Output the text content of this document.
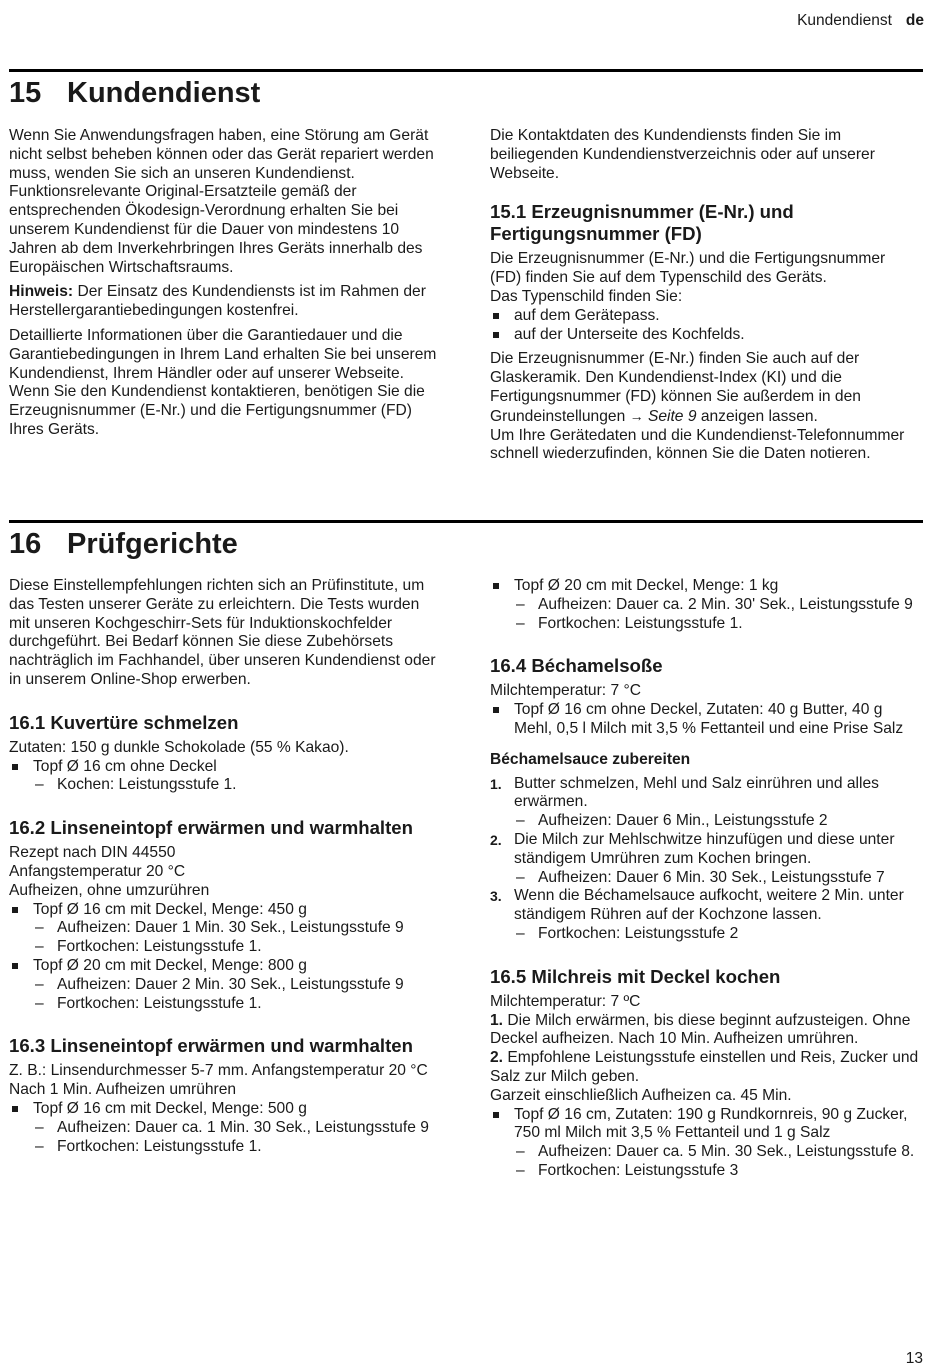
Kundendienst de
15 Kundendienst

Wenn Sie Anwendungsfragen haben, eine Störung am Gerät nicht selbst beheben können oder das Gerät repariert werden muss, wenden Sie sich an unseren Kundendienst.

Funktionsrelevante Original-Ersatzteile gemäß der entsprechenden Ökodesign-Verordnung erhalten Sie bei unserem Kundendienst für die Dauer von mindestens 10 Jahren ab dem Inverkehrbringen Ihres Geräts innerhalb des Europäischen Wirtschaftsraums.

Hinweis: Der Einsatz des Kundendiensts ist im Rahmen der Herstellergarantiebedingungen kostenfrei.

Detaillierte Informationen über die Garantiedauer und die Garantiebedingungen in Ihrem Land erhalten Sie bei unserem Kundendienst, Ihrem Händler oder auf unserer Webseite.

Wenn Sie den Kundendienst kontaktieren, benötigen Sie die Erzeugnisnummer (E-Nr.) und die Fertigungsnummer (FD) Ihres Geräts.

Die Kontaktdaten des Kundendiensts finden Sie im beiliegenden Kundendienstverzeichnis oder auf unserer Webseite.

15.1 Erzeugnisnummer (E-Nr.) und Fertigungsnummer (FD)

Die Erzeugnisnummer (E-Nr.) und die Fertigungsnummer (FD) finden Sie auf dem Typenschild des Geräts.

Das Typenschild finden Sie:

auf dem Gerätepass.
auf der Unterseite des Kochfelds.

Die Erzeugnisnummer (E-Nr.) finden Sie auch auf der Glaskeramik. Den Kundendienst-Index (KI) und die Fertigungsnummer (FD) können Sie außerdem in den Grundeinstellungen → Seite 9 anzeigen lassen.

Um Ihre Gerätedaten und die Kundendienst-Telefonnummer schnell wiederzufinden, können Sie die Daten notieren.

16 Prüfgerichte

Diese Einstellempfehlungen richten sich an Prüfinstitute, um das Testen unserer Geräte zu erleichtern. Die Tests wurden mit unseren Kochgeschirr-Sets für Induktionskochfelder durchgeführt. Bei Bedarf können Sie diese Zubehörsets nachträglich im Fachhandel, über unseren Kundendienst oder in unserem Online-Shop erwerben.

16.1 Kuvertüre schmelzen

Zutaten: 150 g dunkle Schokolade (55 % Kakao).

Topf Ø 16 cm ohne Deckel
– Kochen: Leistungsstufe 1.
16.2 Linseneintopf erwärmen und warmhalten

Rezept nach DIN 44550

Anfangstemperatur 20 °C

Aufheizen, ohne umzurühren

Topf Ø 16 cm mit Deckel, Menge: 450 g
– Aufheizen: Dauer 1 Min. 30 Sek., Leistungsstufe 9
– Fortkochen: Leistungsstufe 1.
Topf Ø 20 cm mit Deckel, Menge: 800 g
– Aufheizen: Dauer 2 Min. 30 Sek., Leistungsstufe 9
– Fortkochen: Leistungsstufe 1.
16.3 Linseneintopf erwärmen und warmhalten

Z. B.: Linsendurchmesser 5-7 mm. Anfangstemperatur 20 °C

Nach 1 Min. Aufheizen umrühren

Topf Ø 16 cm mit Deckel, Menge: 500 g
– Aufheizen: Dauer ca. 1 Min. 30 Sek., Leistungsstufe 9
– Fortkochen: Leistungsstufe 1.
Topf Ø 20 cm mit Deckel, Menge: 1 kg
– Aufheizen: Dauer ca. 2 Min. 30' Sek., Leistungsstufe 9
– Fortkochen: Leistungsstufe 1.
16.4 Béchamelsoße

Milchtemperatur: 7 °C

Topf Ø 16 cm ohne Deckel, Zutaten: 40 g Butter, 40 g Mehl, 0,5 l Milch mit 3,5 % Fettanteil und eine Prise Salz
Béchamelsauce zubereiten
1. Butter schmelzen, Mehl und Salz einrühren und alles erwärmen.
– Aufheizen: Dauer 6 Min., Leistungsstufe 2
2. Die Milch zur Mehlschwitze hinzufügen und diese unter ständigem Umrühren zum Kochen bringen.
– Aufheizen: Dauer 6 Min. 30 Sek., Leistungsstufe 7
3. Wenn die Béchamelsauce aufkocht, weitere 2 Min. unter ständigem Rühren auf der Kochzone lassen.
– Fortkochen: Leistungsstufe 2
16.5 Milchreis mit Deckel kochen

Milchtemperatur: 7 ºC

1. Die Milch erwärmen, bis diese beginnt aufzusteigen. Ohne Deckel aufheizen. Nach 10 Min. Aufheizen umrühren.

2. Empfohlene Leistungsstufe einstellen und Reis, Zucker und Salz zur Milch geben.

Garzeit einschließlich Aufheizen ca. 45 Min.

Topf Ø 16 cm, Zutaten: 190 g Rundkornreis, 90 g Zucker, 750 ml Milch mit 3,5 % Fettanteil und 1 g Salz
– Aufheizen: Dauer ca. 5 Min. 30 Sek., Leistungsstufe 8.
– Fortkochen: Leistungsstufe 3
13
